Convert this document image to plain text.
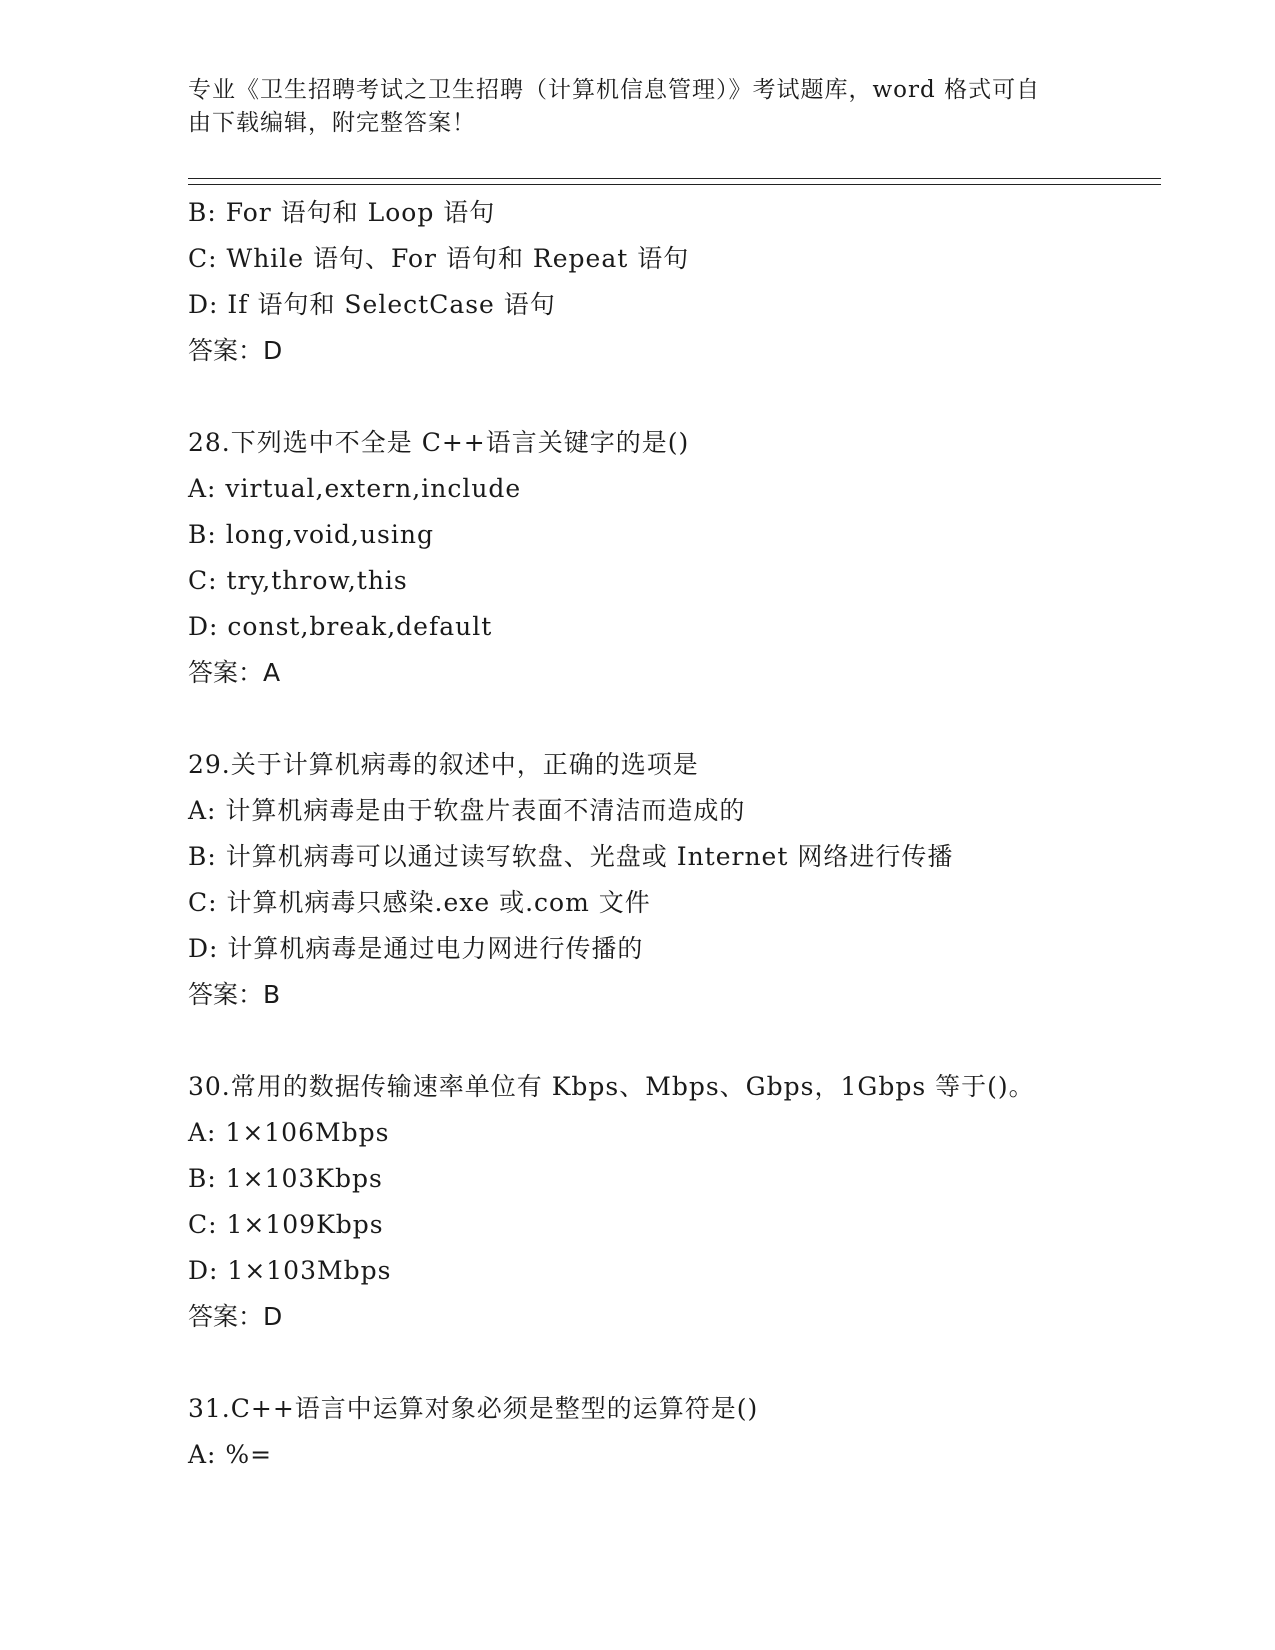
专业《卫生招聘考试之卫生招聘（计算机信息管理）》考试题库，word 格式可自
由下载编辑，附完整答案！
B: For 语句和 Loop 语句
C: While 语句、For 语句和 Repeat 语句
D: If 语句和 SelectCase 语句
答案：D
28.下列选中不全是 C++语言关键字的是()
A: virtual,extern,include
B: long,void,using
C: try,throw,this
D: const,break,default
答案：A
29.关于计算机病毒的叙述中，正确的选项是
A: 计算机病毒是由于软盘片表面不清洁而造成的
B: 计算机病毒可以通过读写软盘、光盘或 Internet 网络进行传播
C: 计算机病毒只感染.exe 或.com 文件
D: 计算机病毒是通过电力网进行传播的
答案：B
30.常用的数据传输速率单位有 Kbps、Mbps、Gbps，1Gbps 等于()。
A: 1×106Mbps
B: 1×103Kbps
C: 1×109Kbps
D: 1×103Mbps
答案：D
31.C++语言中运算对象必须是整型的运算符是()
A: %=
